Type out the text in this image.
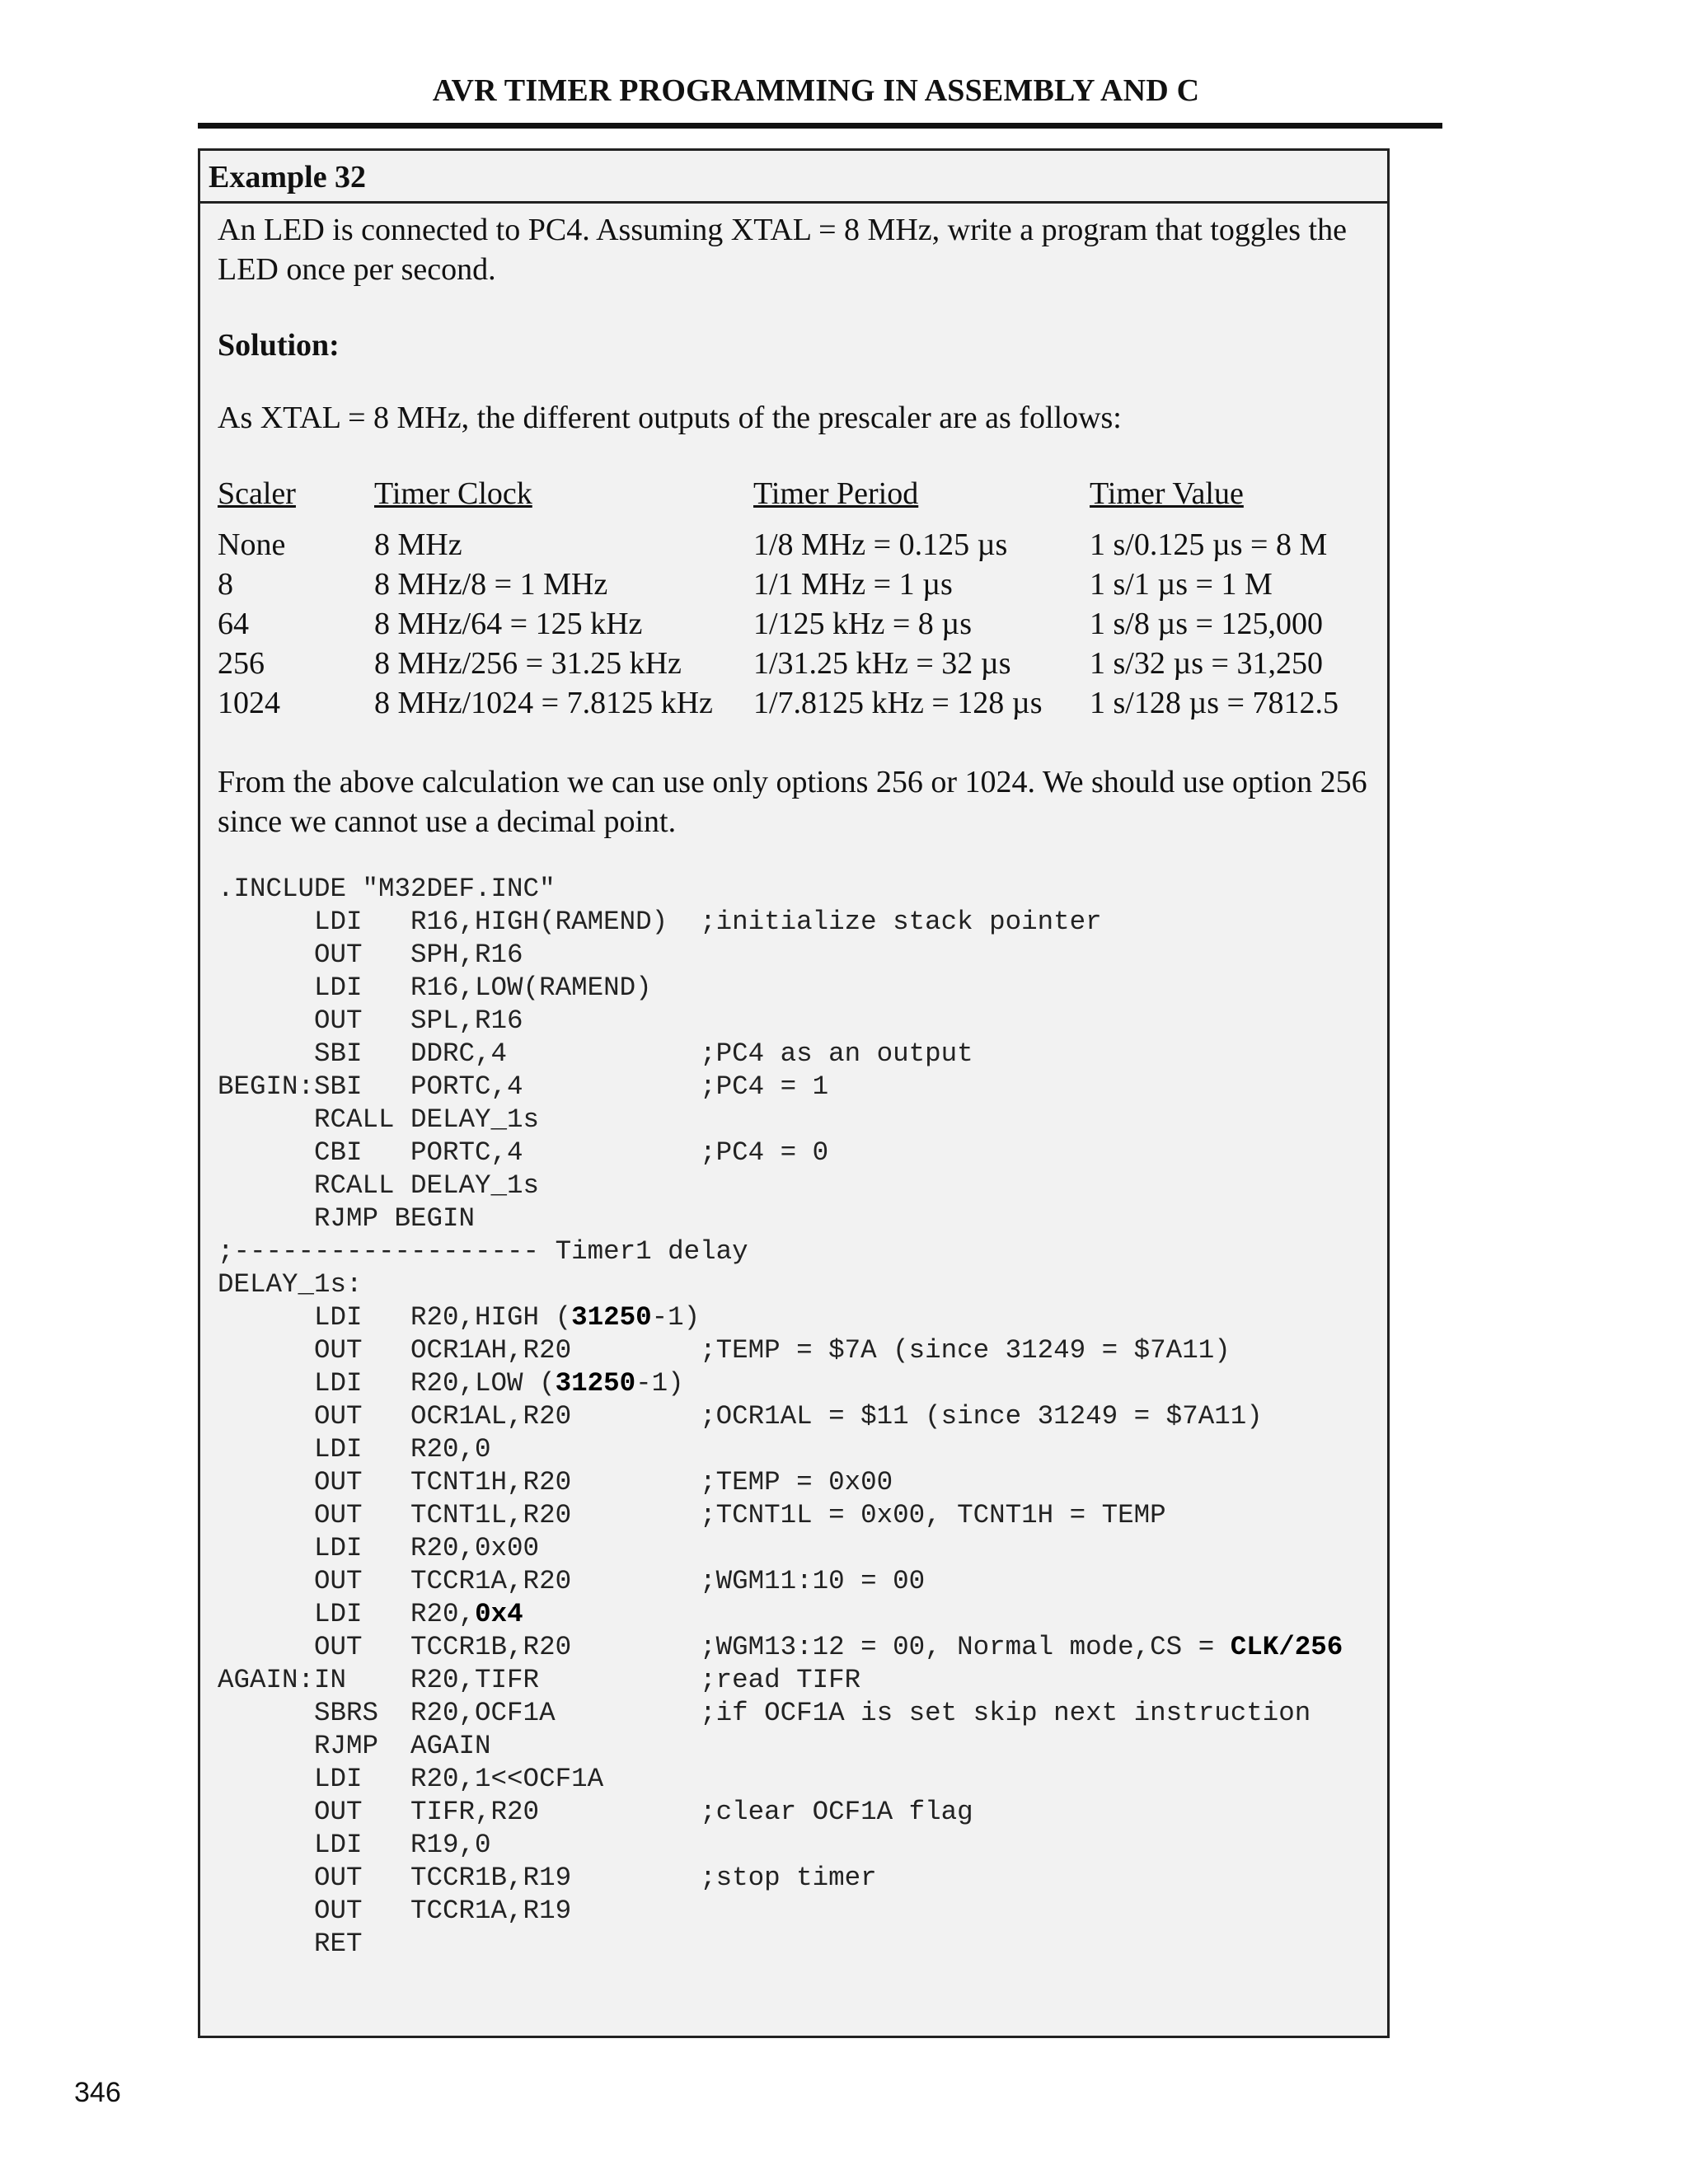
AVR TIMER PROGRAMMING IN ASSEMBLY AND C
Example 32
An LED is connected to PC4. Assuming XTAL = 8 MHz, write a program that toggles the LED once per second.
Solution:
As XTAL = 8 MHz, the different outputs of the prescaler are as follows:
Scaler	Timer Clock	Timer Period	Timer Value
None	8 MHz	1/8 MHz = 0.125 µs	1 s/0.125 µs = 8 M
8	8 MHz/8 = 1 MHz	1/1 MHz = 1 µs	1 s/1 µs = 1 M
64	8 MHz/64 = 125 kHz	1/125 kHz = 8 µs	1 s/8 µs = 125,000
256	8 MHz/256 = 31.25 kHz	1/31.25 kHz = 32 µs	1 s/32 µs = 31,250
1024	8 MHz/1024 = 7.8125 kHz	1/7.8125 kHz = 128 µs	1 s/128 µs = 7812.5
From the above calculation we can use only options 256 or 1024. We should use option 256 since we cannot use a decimal point.
.INCLUDE "M32DEF.INC"
LDI   R16,HIGH(RAMEND)  ;initialize stack pointer
OUT   SPH,R16
LDI   R16,LOW(RAMEND)
OUT   SPL,R16
SBI   DDRC,4            ;PC4 as an output
BEGIN:SBI   PORTC,4           ;PC4 = 1
RCALL DELAY_1s
CBI   PORTC,4           ;PC4 = 0
RCALL DELAY_1s
RJMP BEGIN
;------------------- Timer1 delay
DELAY_1s:
LDI   R20,HIGH (31250-1)
OUT   OCR1AH,R20        ;TEMP = $7A (since 31249 = $7A11)
LDI   R20,LOW (31250-1)
OUT   OCR1AL,R20        ;OCR1AL = $11 (since 31249 = $7A11)
LDI   R20,0
OUT   TCNT1H,R20        ;TEMP = 0x00
OUT   TCNT1L,R20        ;TCNT1L = 0x00, TCNT1H = TEMP
LDI   R20,0x00
OUT   TCCR1A,R20        ;WGM11:10 = 00
LDI   R20,0x4
OUT   TCCR1B,R20        ;WGM13:12 = 00, Normal mode,CS = CLK/256
AGAIN:IN    R20,TIFR          ;read TIFR
SBRS  R20,OCF1A         ;if OCF1A is set skip next instruction
RJMP  AGAIN
LDI   R20,1<<OCF1A
OUT   TIFR,R20          ;clear OCF1A flag
LDI   R19,0
OUT   TCCR1B,R19        ;stop timer
OUT   TCCR1A,R19
RET

346
